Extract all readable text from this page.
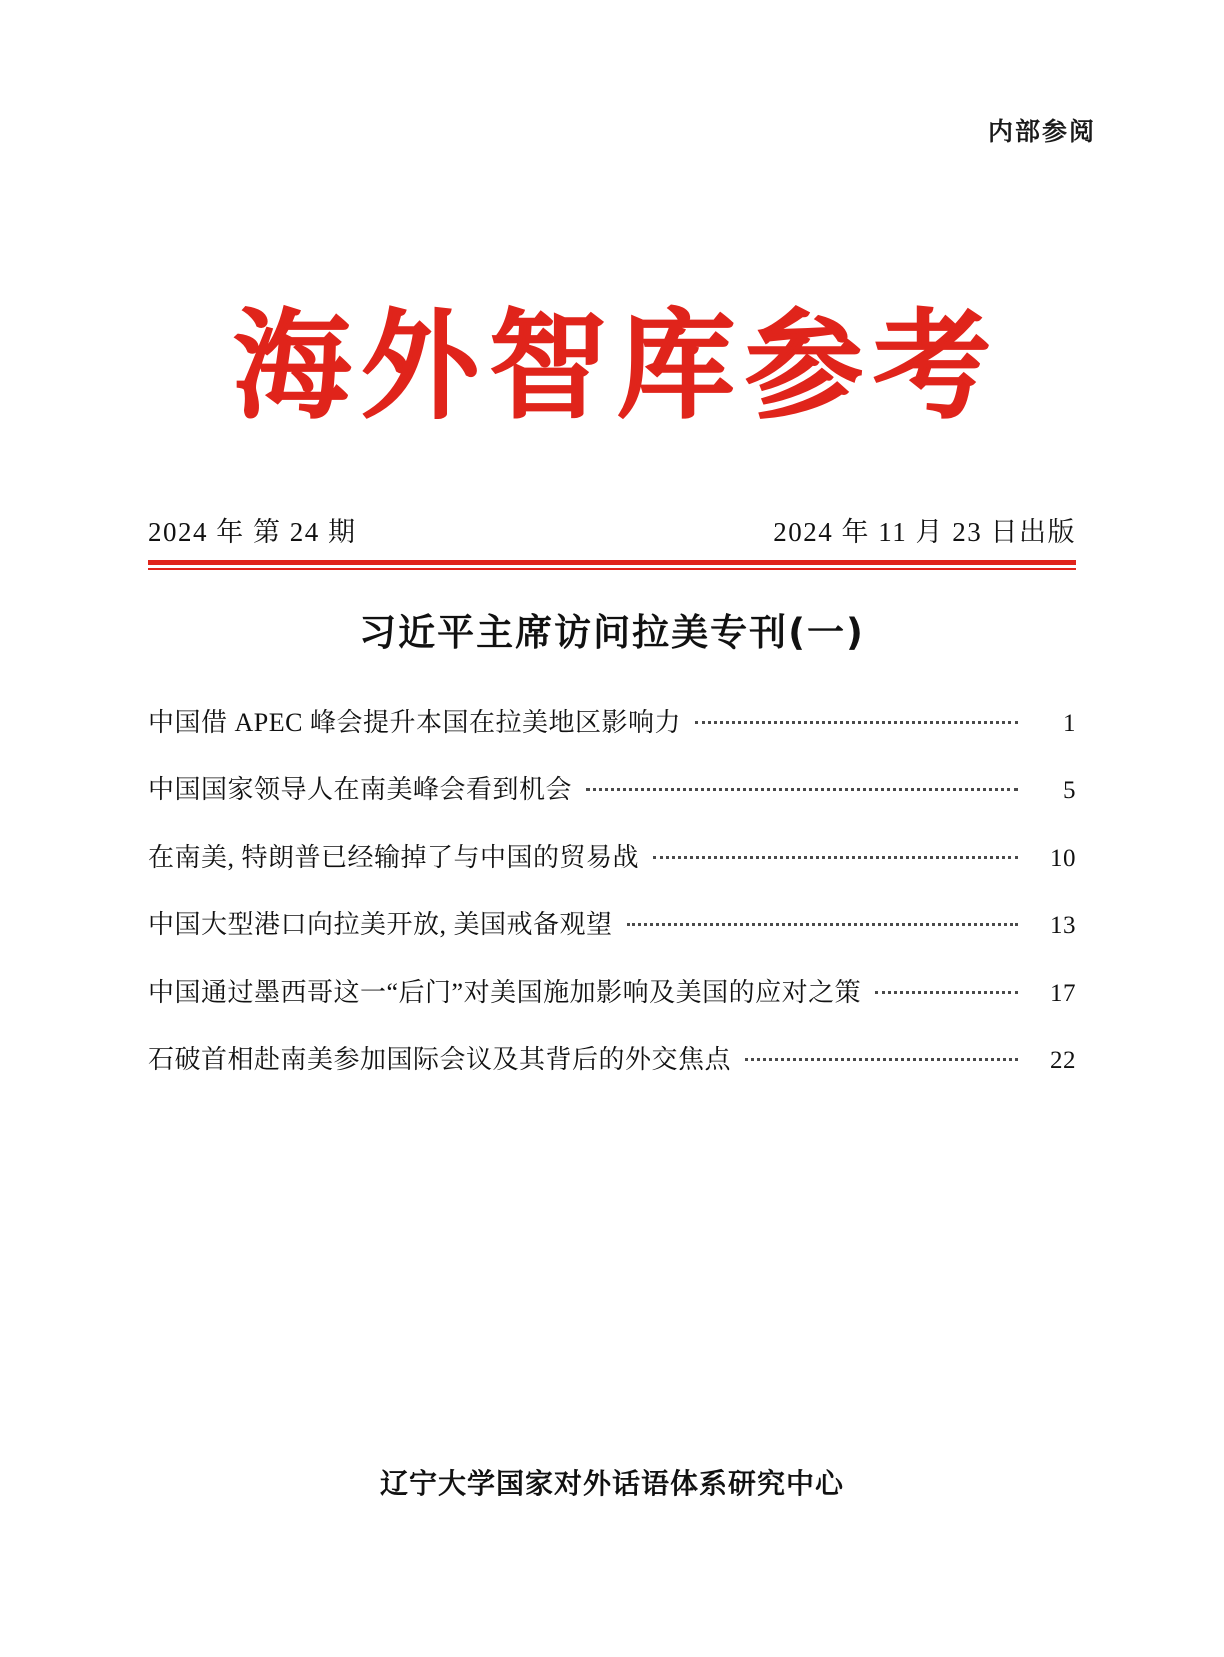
内部参阅
海外智库参考
2024 年 第 24 期	2024 年 11 月 23 日出版
习近平主席访问拉美专刊(一)
中国借 APEC 峰会提升本国在拉美地区影响力	1
中国国家领导人在南美峰会看到机会	5
在南美, 特朗普已经输掉了与中国的贸易战	10
中国大型港口向拉美开放, 美国戒备观望	13
中国通过墨西哥这一“后门”对美国施加影响及美国的应对之策	17
石破首相赴南美参加国际会议及其背后的外交焦点	22
辽宁大学国家对外话语体系研究中心
